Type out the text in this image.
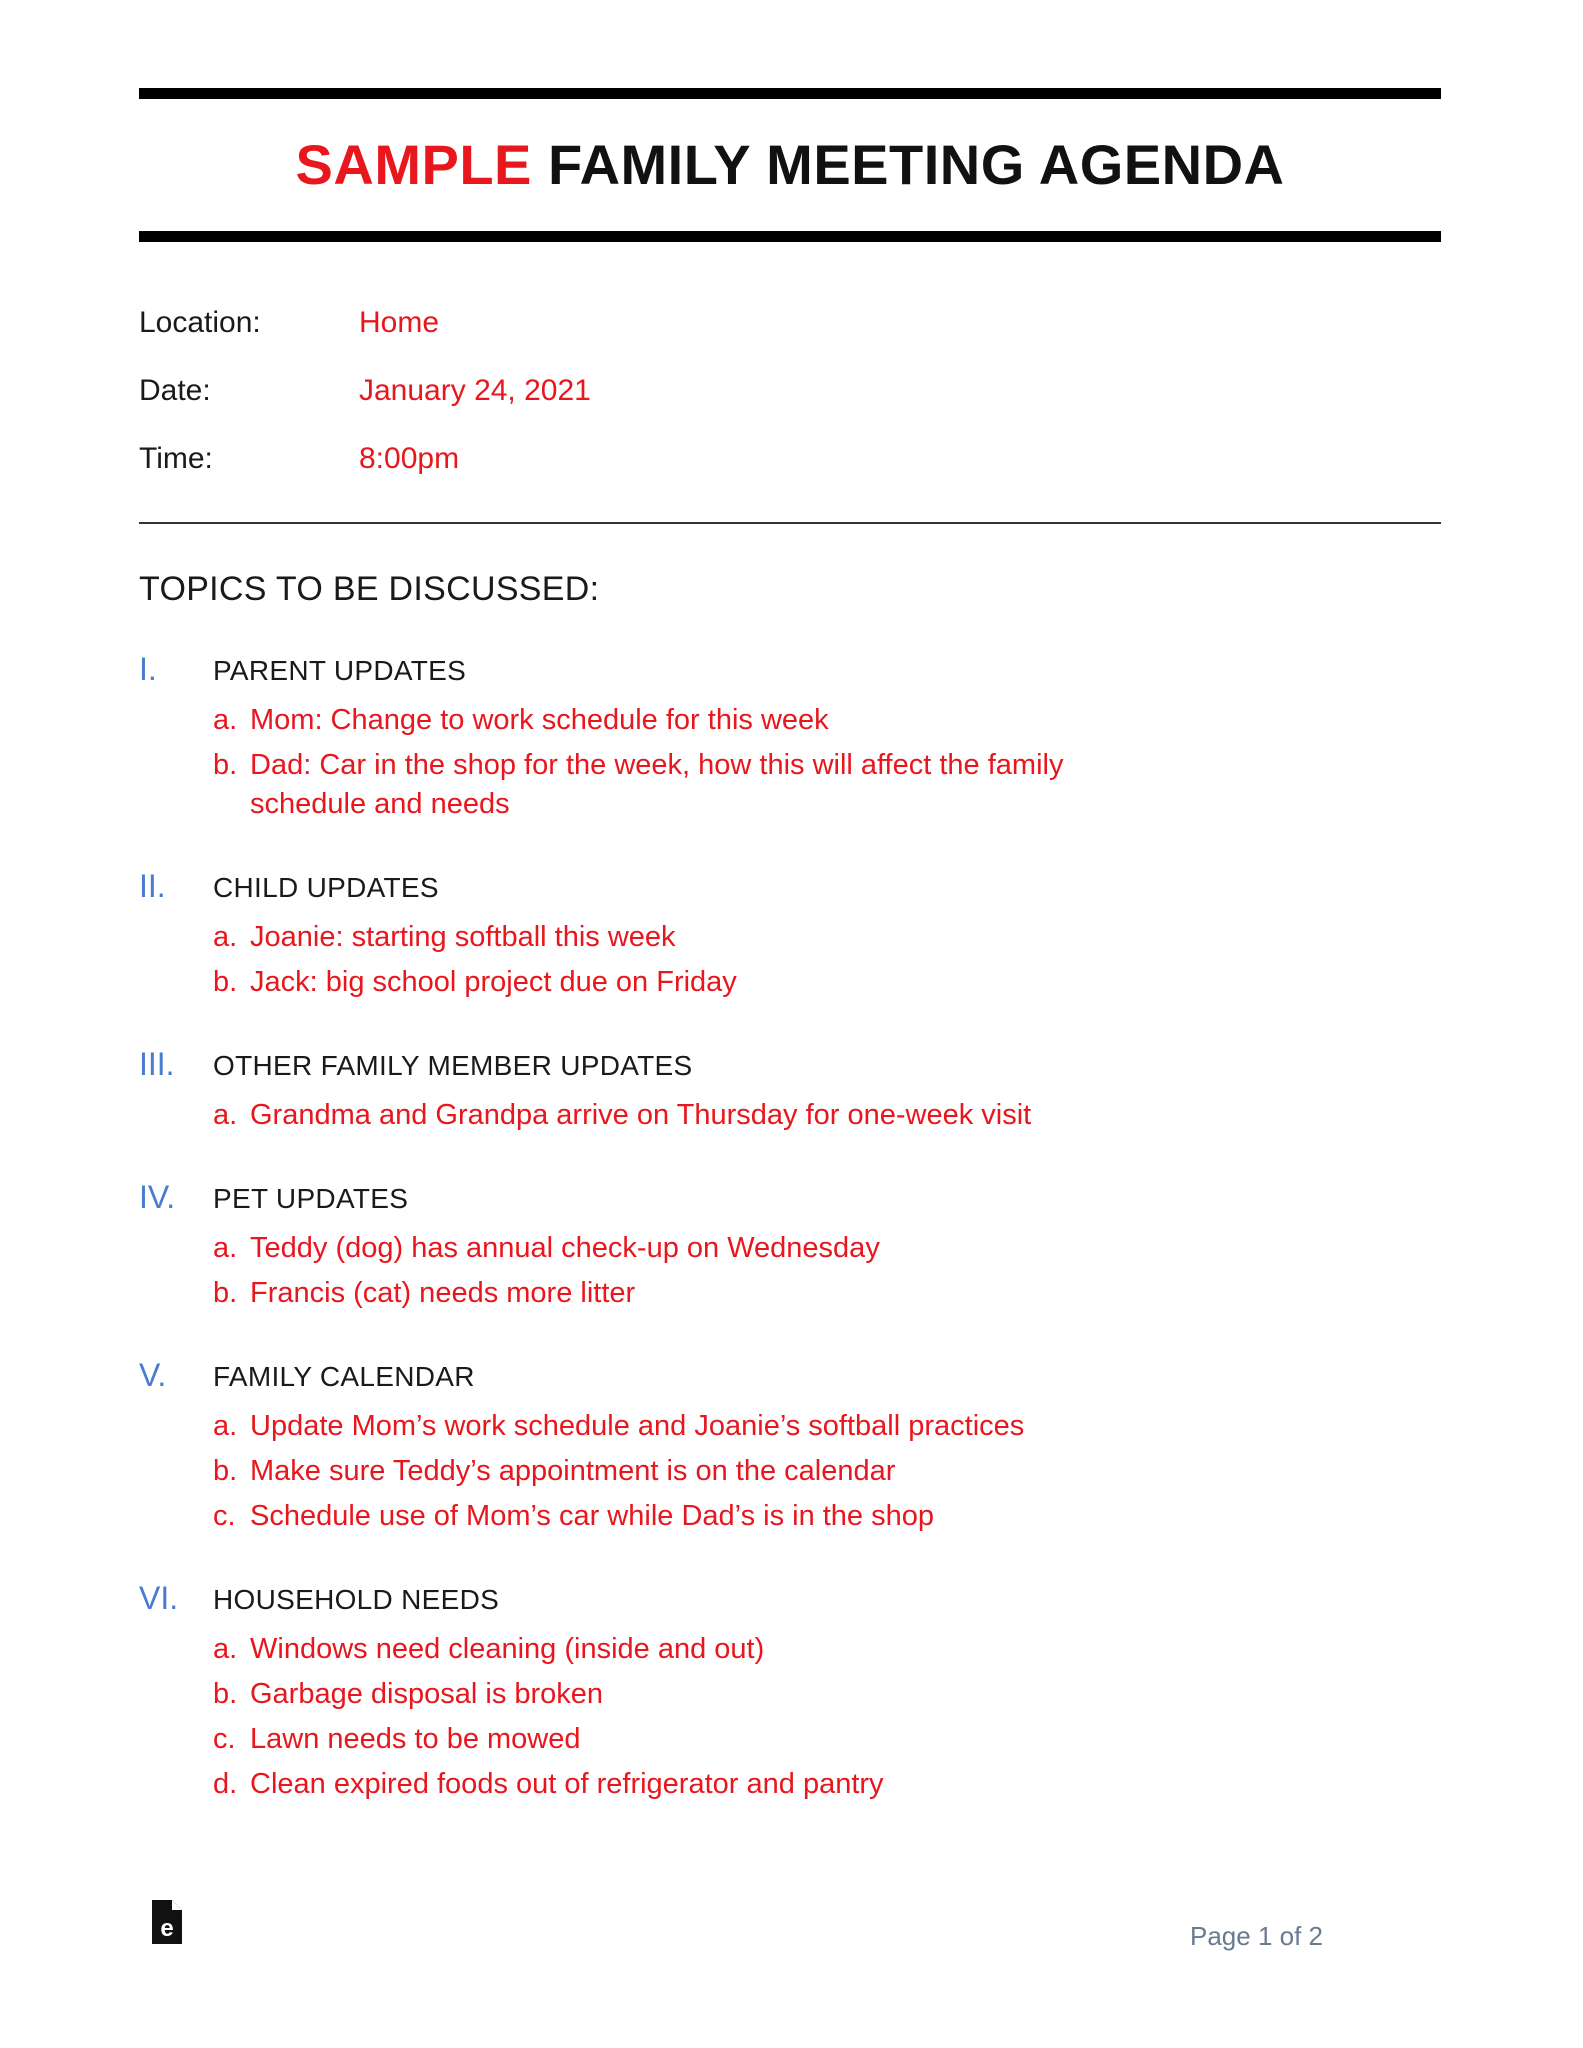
SAMPLE FAMILY MEETING AGENDA
Location:	Home
Date:	January 24, 2021
Time:	8:00pm
TOPICS TO BE DISCUSSED:
I.	PARENT UPDATES
a. Mom: Change to work schedule for this week
b. Dad: Car in the shop for the week, how this will affect the family schedule and needs
II.	CHILD UPDATES
a. Joanie: starting softball this week
b. Jack: big school project due on Friday
III.	OTHER FAMILY MEMBER UPDATES
a. Grandma and Grandpa arrive on Thursday for one-week visit
IV.	PET UPDATES
a. Teddy (dog) has annual check-up on Wednesday
b. Francis (cat) needs more litter
V.	FAMILY CALENDAR
a. Update Mom’s work schedule and Joanie’s softball practices
b. Make sure Teddy’s appointment is on the calendar
c. Schedule use of Mom’s car while Dad’s is in the shop
VI.	HOUSEHOLD NEEDS
a. Windows need cleaning (inside and out)
b. Garbage disposal is broken
c. Lawn needs to be mowed
d. Clean expired foods out of refrigerator and pantry
e	Page 1 of 2
